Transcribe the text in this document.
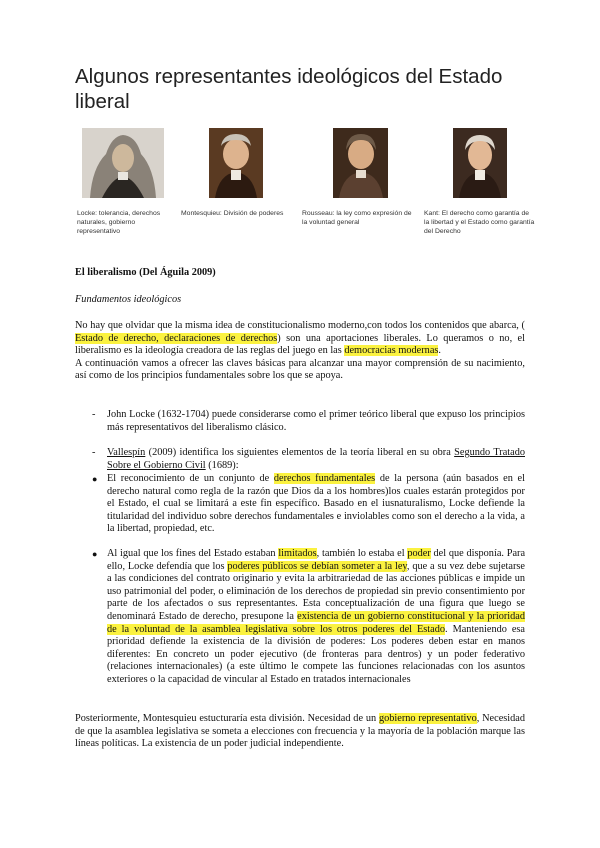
Algunos representantes ideológicos del Estado liberal
Locke: tolerancia, derechos naturales, gobierno representativo
Montesquieu: División de poderes	Rousseau: la ley como expresión de la voluntad general
Kant: El derecho como garantía de la libertad y el Estado como garantía del Derecho
El liberalismo (Del Águila 2009)
Fundamentos ideológicos
No hay que olvidar que la misma idea de constitucionalismo moderno,con todos los contenidos que abarca, ( Estado de derecho, declaraciones de derechos) son una aportaciones liberales. Lo queramos o no, el liberalismo es la ideología creadora de las reglas del juego en las democracias modernas.
A continuación vamos a ofrecer las claves básicas para alcanzar una mayor comprensión de su nacimiento, así como de los principios fundamentales sobre los que se apoya.
- John Locke (1632-1704) puede considerarse como el primer teórico liberal que expuso los principios más representativos del liberalismo clásico.
- Vallespín (2009) identifica los siguientes elementos de la teoría liberal en su obra Segundo Tratado Sobre el Gobierno Civil (1689):
● El reconocimiento de un conjunto de derechos fundamentales de la persona (aún basados en el derecho natural como regla de la razón que Dios da a los hombres)los cuales estarán protegidos por el Estado, el cual se limitará a este fin específico. Basado en el iusnaturalismo, Locke defiende la titularidad del individuo sobre derechos fundamentales e inviolables como son el derecho a la vida, a la libertad, propiedad, etc.
● Al igual que los fines del Estado estaban limitados, también lo estaba el poder del que disponía. Para ello, Locke defendía que los poderes públicos se debían someter a la ley, que a su vez debe sujetarse a las condiciones del contrato originario y evita la arbitrariedad de las acciones públicas e impide un uso patrimonial del poder, o eliminación de los derechos de propiedad sin previo consentimiento por parte de los afectados o sus representantes. Esta conceptualización de una figura que luego se denominará Estado de derecho, presupone la existencia de un gobierno constitucional y la prioridad de la voluntad de la asamblea legislativa sobre los otros poderes del Estado. Manteniendo esa prioridad defiende la existencia de la división de poderes: Los poderes deben estar en manos diferentes: En concreto un poder ejecutivo (de fronteras para dentros) y un poder federativo (relaciones internacionales) (a este último le compete las funciones relacionadas con los asuntos exteriores o la capacidad de vincular al Estado en tratados internacionales
Posteriormente, Montesquieu estucturaría esta división. Necesidad de un gobierno representativo, Necesidad de que la asamblea legislativa se someta a elecciones con frecuencia y la mayoría de la población marque las líneas políticas. La existencia de un poder judicial independiente.
